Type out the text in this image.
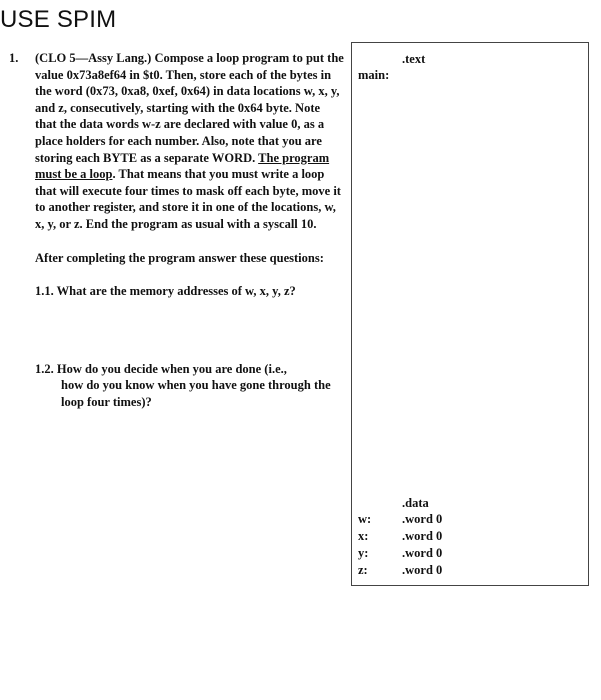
USE SPIM
1.	(CLO 5—Assy Lang.) Compose a loop program to put the value 0x73a8ef64 in $t0. Then, store each of the bytes in the word (0x73, 0xa8, 0xef, 0x64) in data locations w, x, y, and z, consecutively, starting with the 0x64 byte. Note that the data words w-z are declared with value 0, as a place holders for each number. Also, note that you are storing each BYTE as a separate WORD. The program must be a loop. That means that you must write a loop that will execute four times to mask off each byte, move it to another register, and store it in one of the locations, w, x, y, or z. End the program as usual with a syscall 10.

After completing the program answer these questions:

1.1. What are the memory addresses of w, x, y, z?

1.2. How do you decide when you are done (i.e.,

how do you know when you have gone through the loop four times)?

.text
main:
.data
w:	.word 0
x:	.word 0
y:	.word 0
z:	.word 0
